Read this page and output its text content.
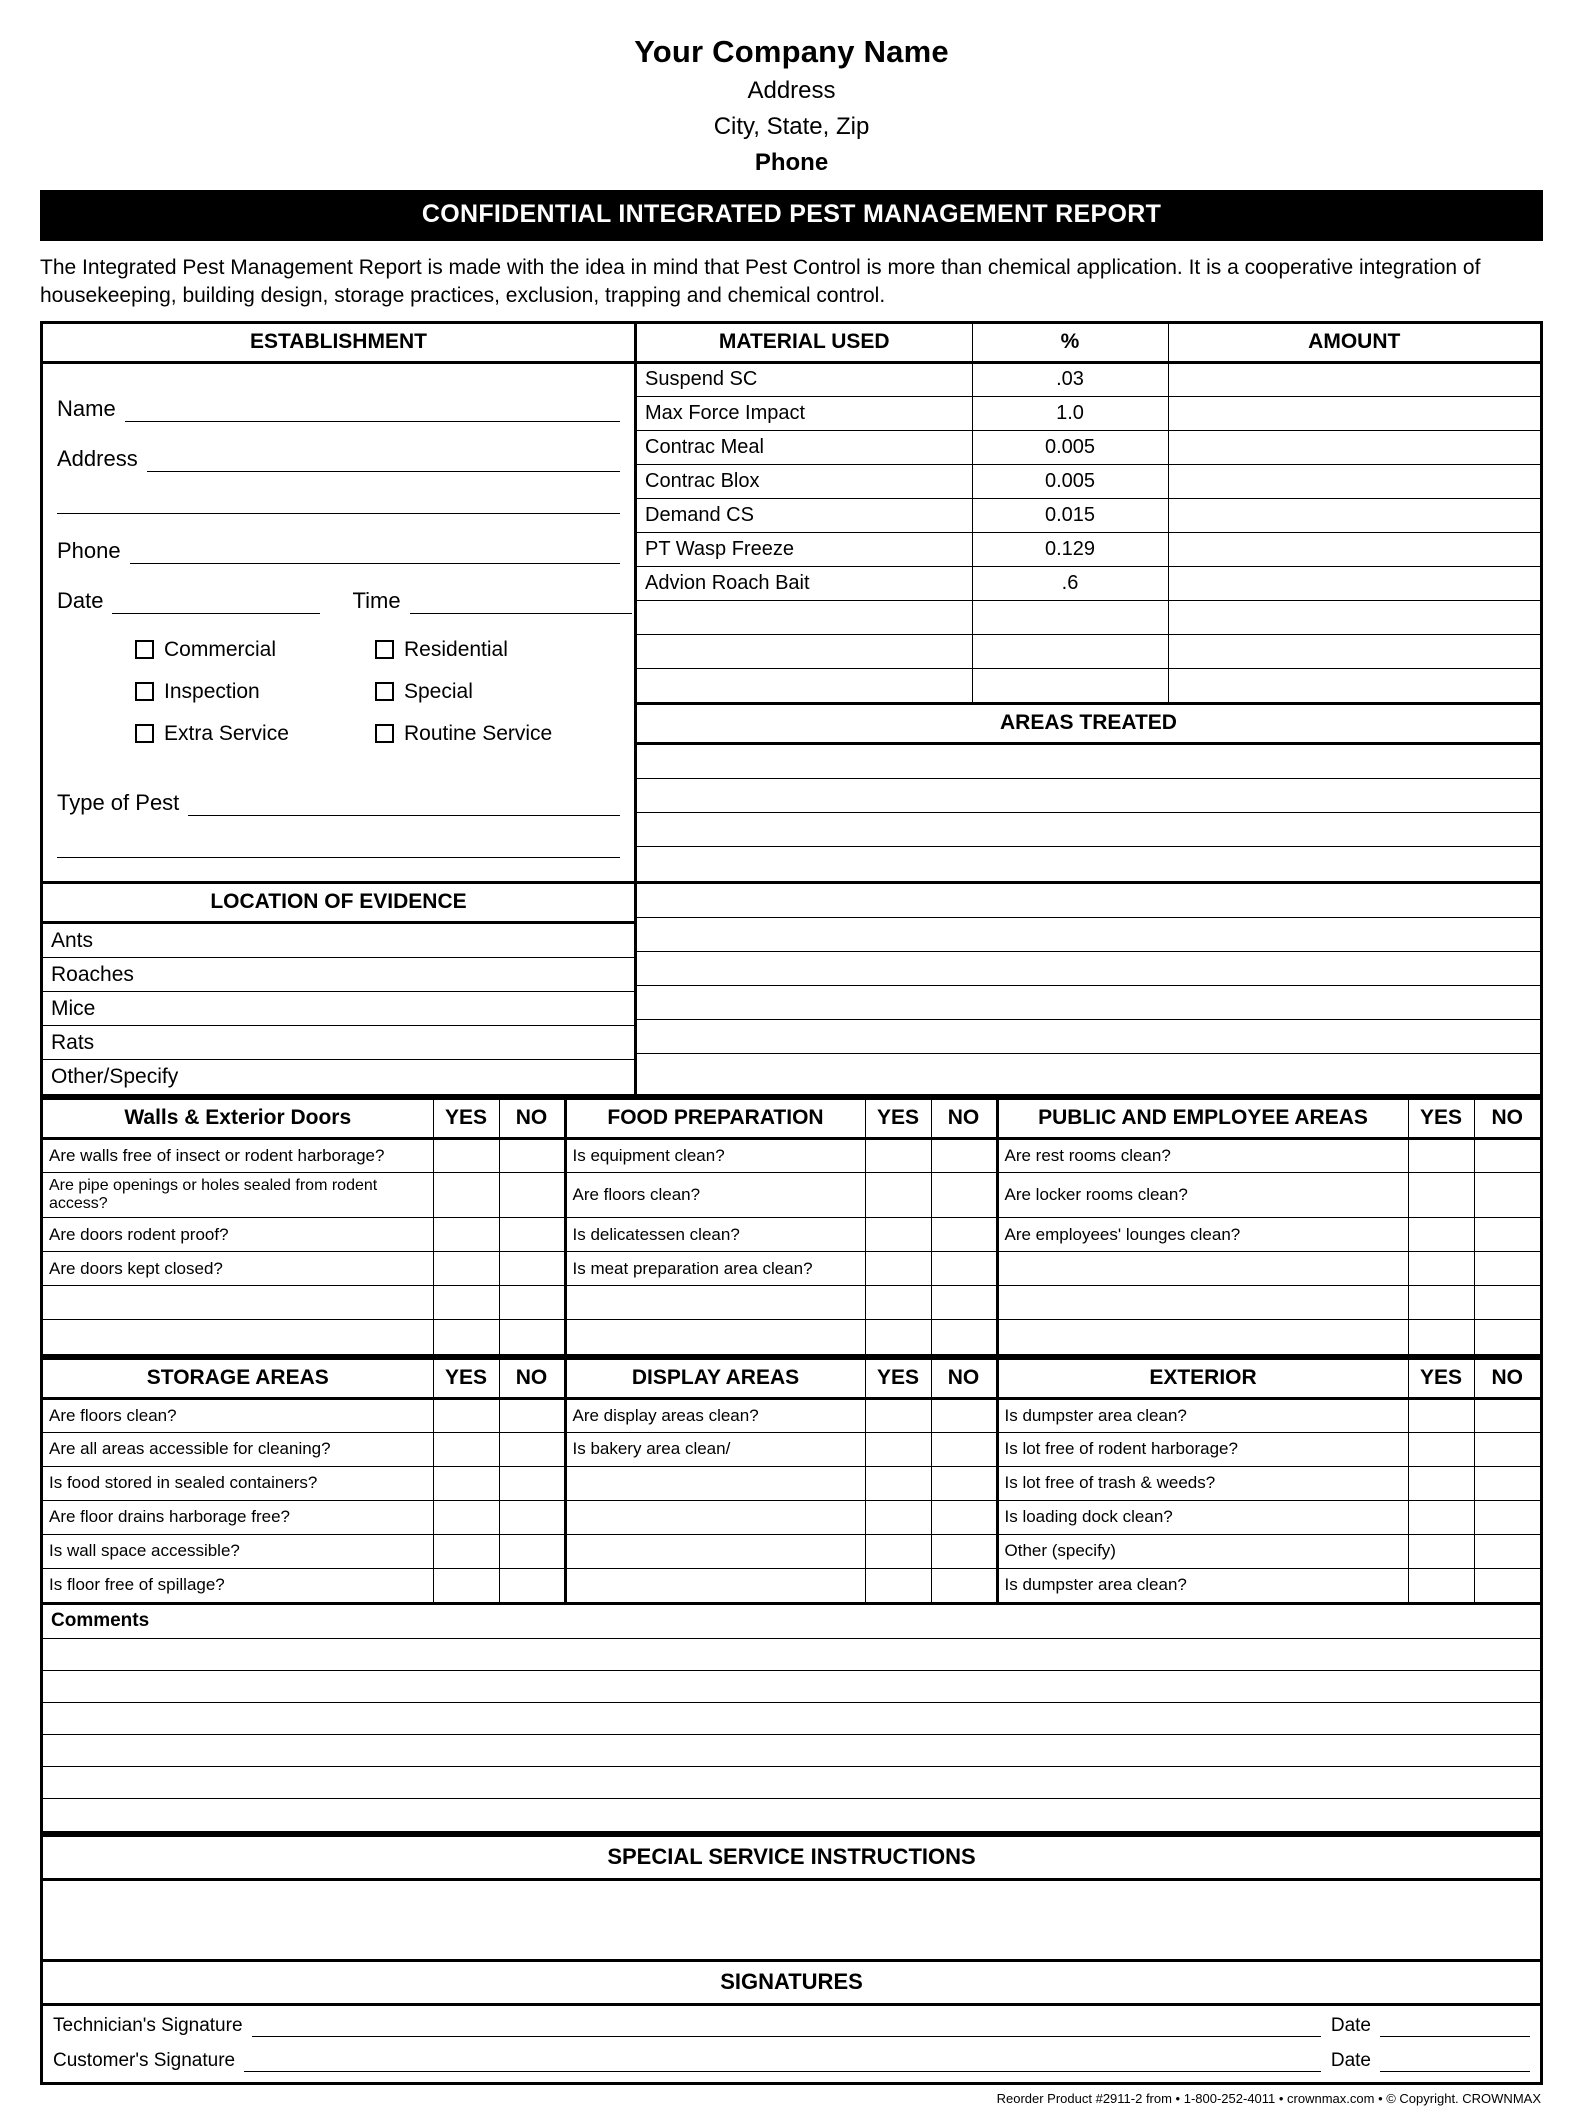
Your Company Name
Address
City, State, Zip
Phone
CONFIDENTIAL INTEGRATED PEST MANAGEMENT REPORT
The Integrated Pest Management Report is made with the idea in mind that Pest Control is more than chemical application. It is a cooperative integration of housekeeping, building design, storage practices, exclusion, trapping and chemical control.
ESTABLISHMENT
Name
Address
Phone
Date	Time
Commercial	Residential
Inspection	Special
Extra Service	Routine Service
Type of Pest
MATERIAL USED	%	AMOUNT
Suspend SC	.03	
Max Force Impact	1.0	
Contrac Meal	0.005	
Contrac Blox	0.005	
Demand CS	0.015	
PT Wasp Freeze	0.129	
Advion Roach Bait	.6	

AREAS TREATED
LOCATION OF EVIDENCE
Ants
Roaches
Mice
Rats
Other/Specify
Walls & Exterior Doors	YES	NO	FOOD PREPARATION	YES	NO	PUBLIC AND EMPLOYEE AREAS	YES	NO
Are walls free of insect or rodent harborage?			Is equipment clean?			Are rest rooms clean?		
Are pipe openings or holes sealed from rodent access?			Are floors clean?			Are locker rooms clean?		
Are doors rodent proof?			Is delicatessen clean?			Are employees' lounges clean?		
Are doors kept closed?			Is meat preparation area clean?					

STORAGE AREAS	YES	NO	DISPLAY AREAS	YES	NO	EXTERIOR	YES	NO
Are floors clean?			Are display areas clean?			Is dumpster area clean?		
Are all areas accessible for cleaning?			Is bakery area clean/			Is lot free of rodent harborage?		
Is food stored in sealed containers?						Is lot free of trash & weeds?		
Are floor drains harborage free?						Is loading dock clean?		
Is wall space accessible?						Other (specify)		
Is floor free of spillage?						Is dumpster area clean?		
Comments
SPECIAL SERVICE INSTRUCTIONS
SIGNATURES
Technician's Signature	Date
Customer's Signature	Date
Reorder Product #2911-2 from • 1-800-252-4011 • crownmax.com • © Copyright. CROWNMAX
